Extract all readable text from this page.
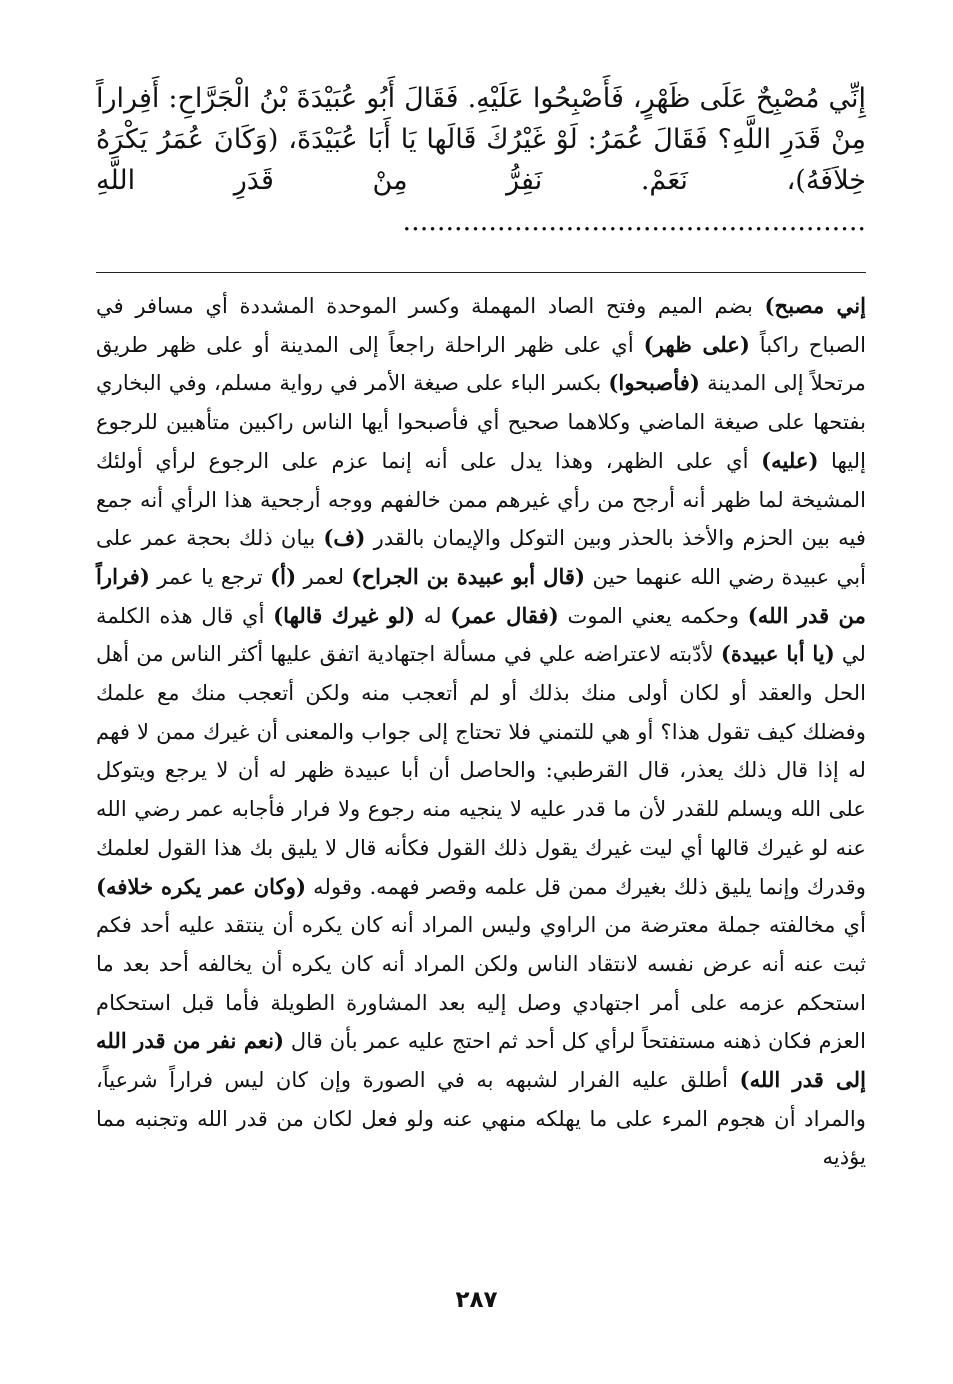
إِنِّي مُصْبِحٌ عَلَى ظَهْرٍ، فَأَصْبِحُوا عَلَيْهِ. فَقَالَ أَبُو عُبَيْدَةَ بْنُ الْجَرَّاحِ: أَفِراراً مِنْ قَدَرِ اللَّهِ؟ فَقَالَ عُمَرُ: لَوْ غَيْرُكَ قَالَها يَا أَبَا عُبَيْدَةَ، (وَكَانَ عُمَرُ يَكْرَهُ خِلاَفَهُ)، نَعَمْ. نَفِرُّ مِنْ قَدَرِ اللَّهِ ......................................................

إني مصبح) بضم الميم وفتح الصاد المهملة وكسر الموحدة المشددة أي مسافر في الصباح راكباً (على ظهر) أي على ظهر الراحلة راجعاً إلى المدينة أو على ظهر طريق مرتحلاً إلى المدينة (فأصبحوا) بكسر الباء على صيغة الأمر في رواية مسلم، وفي البخاري بفتحها على صيغة الماضي وكلاهما صحيح أي فأصبحوا أيها الناس راكبين متأهبين للرجوع إليها (عليه) أي على الظهر، وهذا يدل على أنه إنما عزم على الرجوع لرأي أولئك المشيخة لما ظهر أنه أرجح من رأي غيرهم ممن خالفهم ووجه أرجحية هذا الرأي أنه جمع فيه بين الحزم والأخذ بالحذر وبين التوكل والإيمان بالقدر (ف) بيان ذلك بحجة عمر على أبي عبيدة رضي الله عنهما حين (قال أبو عبيدة بن الجراح) لعمر (أ) ترجع يا عمر (فراراً من قدر الله) وحكمه يعني الموت (فقال عمر) له (لو غيرك قالها) أي قال هذه الكلمة لي (يا أبا عبيدة) لأدّبته لاعتراضه علي في مسألة اجتهادية اتفق عليها أكثر الناس من أهل الحل والعقد أو لكان أولى منك بذلك أو لم أتعجب منه ولكن أتعجب منك مع علمك وفضلك كيف تقول هذا؟ أو هي للتمني فلا تحتاج إلى جواب والمعنى أن غيرك ممن لا فهم له إذا قال ذلك يعذر، قال القرطبي: والحاصل أن أبا عبيدة ظهر له أن لا يرجع ويتوكل على الله ويسلم للقدر لأن ما قدر عليه لا ينجيه منه رجوع ولا فرار فأجابه عمر رضي الله عنه لو غيرك قالها أي ليت غيرك يقول ذلك القول فكأنه قال لا يليق بك هذا القول لعلمك وقدرك وإنما يليق ذلك بغيرك ممن قل علمه وقصر فهمه. وقوله (وكان عمر يكره خلافه) أي مخالفته جملة معترضة من الراوي وليس المراد أنه كان يكره أن ينتقد عليه أحد فكم ثبت عنه أنه عرض نفسه لانتقاد الناس ولكن المراد أنه كان يكره أن يخالفه أحد بعد ما استحكم عزمه على أمر اجتهادي وصل إليه بعد المشاورة الطويلة فأما قبل استحكام العزم فكان ذهنه مستفتحاً لرأي كل أحد ثم احتج عليه عمر بأن قال (نعم نفر من قدر الله إلى قدر الله) أطلق عليه الفرار لشبهه به في الصورة وإن كان ليس فراراً شرعياً، والمراد أن هجوم المرء على ما يهلكه منهي عنه ولو فعل لكان من قدر الله وتجنبه مما يؤذيه
٢٨٧
